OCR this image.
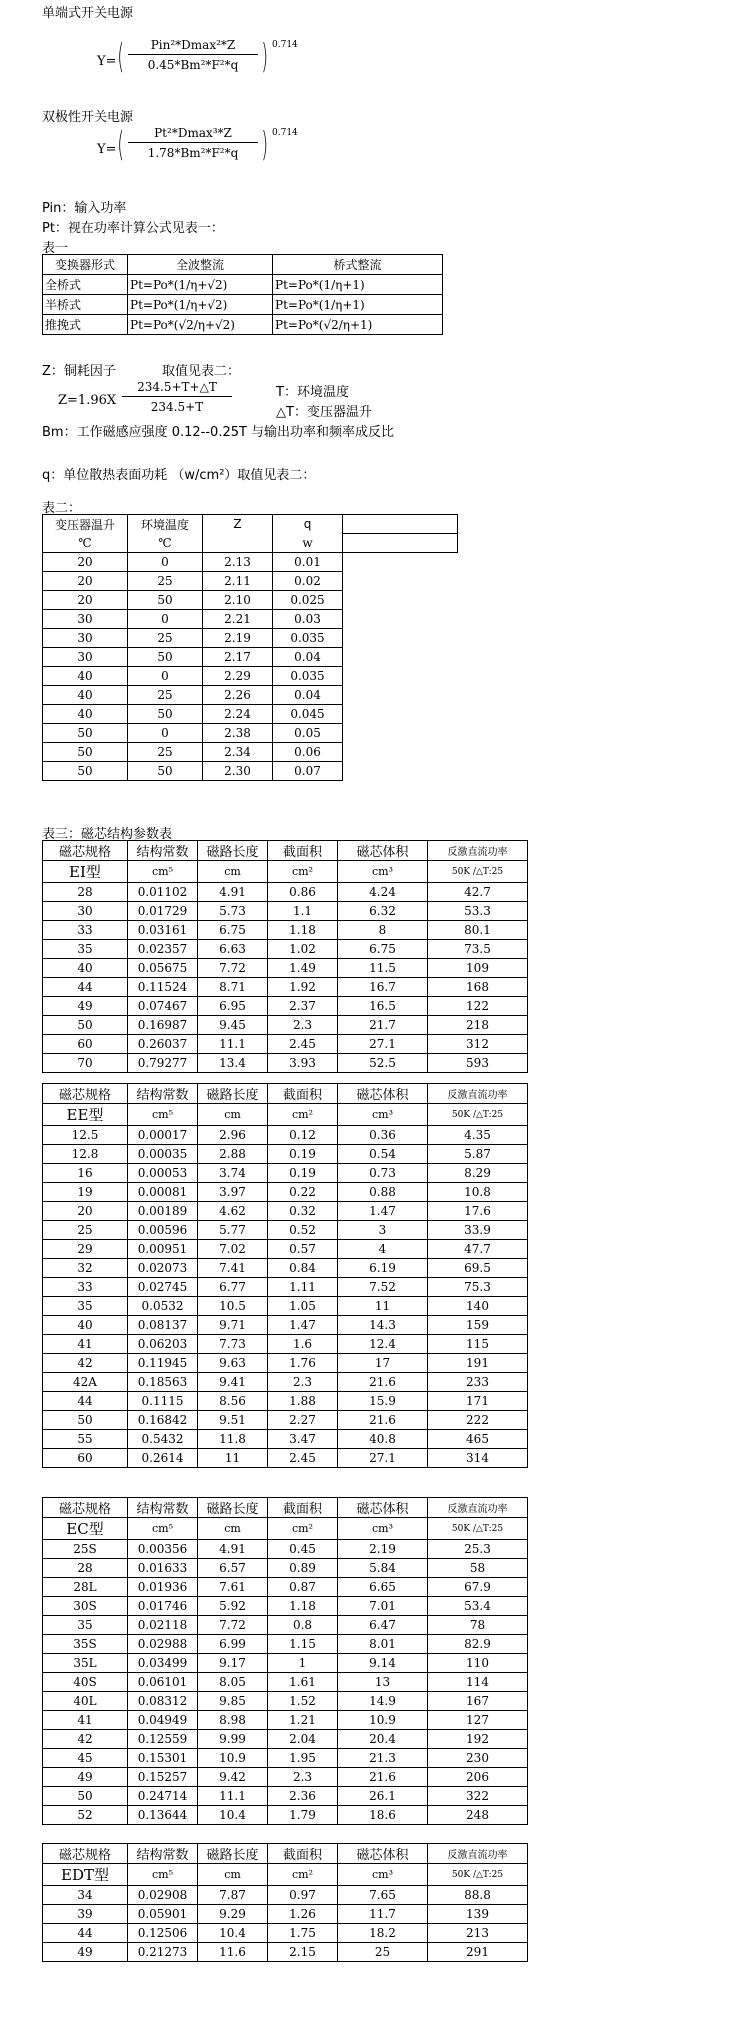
单端式开关电源
Y= (	Pin²*Dmax²*Z
0.45*Bm²*F²*q ) 0.714
双极性开关电源
Y= (	Pt²*Dmax³*Z
1.78*Bm²*F²*q ) 0.714
Pin：输入功率
Pt：视在功率计算公式见表一：
表一
变换器形式	全波整流	桥式整流
全桥式	Pt=Po*(1/η+√2)	Pt=Po*(1/η+1)
半桥式	Pt=Po*(1/η+√2)	Pt=Po*(1/η+1)
推挽式	Pt=Po*(√2/η+√2)	Pt=Po*(√2/η+1)
Z：铜耗因子	取值见表二：
$Z=1.96X \frac{234.5+T+\triangle T}{234.5+T}$	T：环境温度
△T：变压器温升
Bm：工作磁感应强度 0.12--0.25T 与输出功率和频率成反比
q：单位散热表面功耗 （w/cm²）取值见表二：
表二：
变压器温升	环境温度	Z	q	
℃	℃		w	
20	0	2.13	0.01	
20	25	2.11	0.02	
20	50	2.10	0.025	
30	0	2.21	0.03	
30	25	2.19	0.035	
30	50	2.17	0.04	
40	0	2.29	0.035	
40	25	2.26	0.04	
40	50	2.24	0.045	
50	0	2.38	0.05	
50	25	2.34	0.06	
50	50	2.30	0.07	
表三：磁芯结构参数表
磁芯规格	结构常数	磁路长度	截面积	磁芯体积	反激直流功率
EI型	cm⁵	cm	cm²	cm³	50K /△T:25
28	0.01102	4.91	0.86	4.24	42.7
30	0.01729	5.73	1.1	6.32	53.3
33	0.03161	6.75	1.18	8	80.1
35	0.02357	6.63	1.02	6.75	73.5
40	0.05675	7.72	1.49	11.5	109
44	0.11524	8.71	1.92	16.7	168
49	0.07467	6.95	2.37	16.5	122
50	0.16987	9.45	2.3	21.7	218
60	0.26037	11.1	2.45	27.1	312
70	0.79277	13.4	3.93	52.5	593
磁芯规格	结构常数	磁路长度	截面积	磁芯体积	反激直流功率
EE型	cm⁵	cm	cm²	cm³	50K /△T:25
12.5	0.00017	2.96	0.12	0.36	4.35
12.8	0.00035	2.88	0.19	0.54	5.87
16	0.00053	3.74	0.19	0.73	8.29
19	0.00081	3.97	0.22	0.88	10.8
20	0.00189	4.62	0.32	1.47	17.6
25	0.00596	5.77	0.52	3	33.9
29	0.00951	7.02	0.57	4	47.7
32	0.02073	7.41	0.84	6.19	69.5
33	0.02745	6.77	1.11	7.52	75.3
35	0.0532	10.5	1.05	11	140
40	0.08137	9.71	1.47	14.3	159
41	0.06203	7.73	1.6	12.4	115
42	0.11945	9.63	1.76	17	191
42A	0.18563	9.41	2.3	21.6	233
44	0.1115	8.56	1.88	15.9	171
50	0.16842	9.51	2.27	21.6	222
55	0.5432	11.8	3.47	40.8	465
60	0.2614	11	2.45	27.1	314
磁芯规格	结构常数	磁路长度	截面积	磁芯体积	反激直流功率
EC型	cm⁵	cm	cm²	cm³	50K /△T:25
25S	0.00356	4.91	0.45	2.19	25.3
28	0.01633	6.57	0.89	5.84	58
28L	0.01936	7.61	0.87	6.65	67.9
30S	0.01746	5.92	1.18	7.01	53.4
35	0.02118	7.72	0.8	6.47	78
35S	0.02988	6.99	1.15	8.01	82.9
35L	0.03499	9.17	1	9.14	110
40S	0.06101	8.05	1.61	13	114
40L	0.08312	9.85	1.52	14.9	167
41	0.04949	8.98	1.21	10.9	127
42	0.12559	9.99	2.04	20.4	192
45	0.15301	10.9	1.95	21.3	230
49	0.15257	9.42	2.3	21.6	206
50	0.24714	11.1	2.36	26.1	322
52	0.13644	10.4	1.79	18.6	248
磁芯规格	结构常数	磁路长度	截面积	磁芯体积	反激直流功率
EDT型	cm⁵	cm	cm²	cm³	50K /△T:25
34	0.02908	7.87	0.97	7.65	88.8
39	0.05901	9.29	1.26	11.7	139
44	0.12506	10.4	1.75	18.2	213
49	0.21273	11.6	2.15	25	291
